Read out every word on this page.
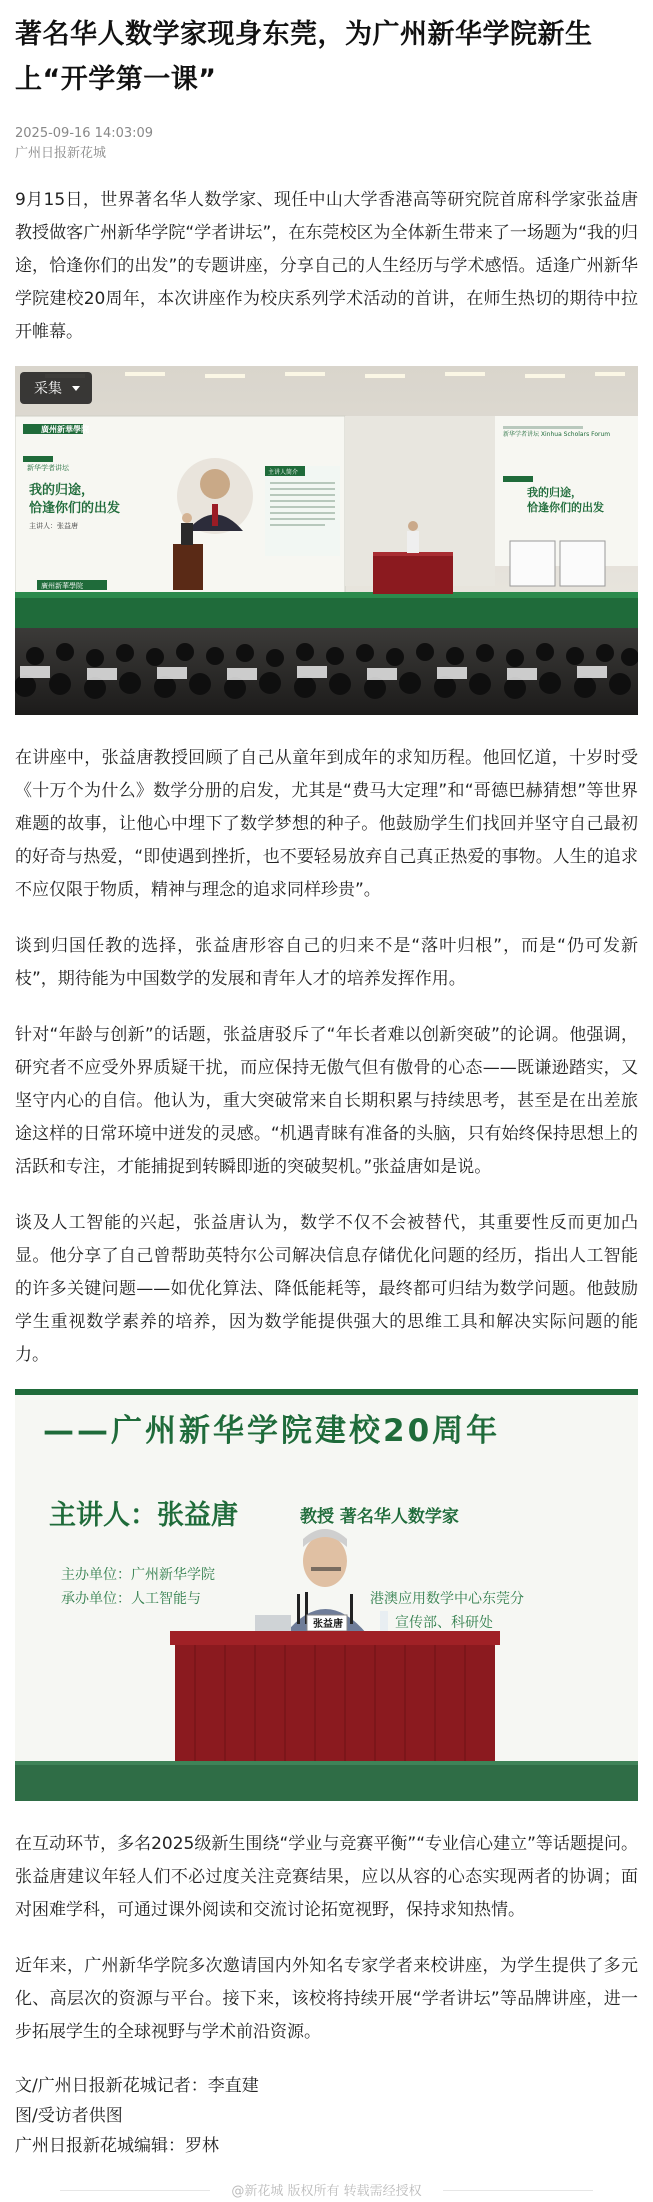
著名华人数学家现身东莞，为广州新华学院新生上“开学第一课”
2025-09-16 14:03:09
广州日报新花城

9月15日，世界著名华人数学家、现任中山大学香港高等研究院首席科学家张益唐教授做客广州新华学院“学者讲坛”，在东莞校区为全体新生带来了一场题为“我的归途，恰逢你们的出发”的专题讲座，分享自己的人生经历与学术感悟。适逢广州新华学院建校20周年，本次讲座作为校庆系列学术活动的首讲，在师生热切的期待中拉开帷幕。

廣州新華學院
新华学者讲坛
我的归途，
恰逢你们的出发
主讲人：张益唐
主讲人简介
新华学者讲坛 Xinhua Scholars Forum
我的归途，
恰逢你们的出发
廣州新華學院
采集

在讲座中，张益唐教授回顾了自己从童年到成年的求知历程。他回忆道，十岁时受《十万个为什么》数学分册的启发，尤其是“费马大定理”和“哥德巴赫猜想”等世界难题的故事，让他心中埋下了数学梦想的种子。他鼓励学生们找回并坚守自己最初的好奇与热爱，“即使遇到挫折，也不要轻易放弃自己真正热爱的事物。人生的追求不应仅限于物质，精神与理念的追求同样珍贵”。

谈到归国任教的选择，张益唐形容自己的归来不是“落叶归根”，而是“仍可发新枝”，期待能为中国数学的发展和青年人才的培养发挥作用。

针对“年龄与创新”的话题，张益唐驳斥了“年长者难以创新突破”的论调。他强调，研究者不应受外界质疑干扰，而应保持无傲气但有傲骨的心态——既谦逊踏实，又坚守内心的自信。他认为，重大突破常来自长期积累与持续思考，甚至是在出差旅途这样的日常环境中迸发的灵感。“机遇青睐有准备的头脑，只有始终保持思想上的活跃和专注，才能捕捉到转瞬即逝的突破契机。”张益唐如是说。

谈及人工智能的兴起，张益唐认为，数学不仅不会被替代，其重要性反而更加凸显。他分享了自己曾帮助英特尔公司解决信息存储优化问题的经历，指出人工智能的许多关键问题——如优化算法、降低能耗等，最终都可归结为数学问题。他鼓励学生重视数学素养的培养，因为数学能提供强大的思维工具和解决实际问题的能力。

——广州新华学院建校20周年
主讲人：张益唐	教授 著名华人数学家
主办单位：广州新华学院
承办单位：人工智能与	港澳应用数学中心东莞分
宣传部、科研处
张益唐

在互动环节，多名2025级新生围绕“学业与竞赛平衡”“专业信心建立”等话题提问。张益唐建议年轻人们不必过度关注竞赛结果，应以从容的心态实现两者的协调；面对困难学科，可通过课外阅读和交流讨论拓宽视野，保持求知热情。

近年来，广州新华学院多次邀请国内外知名专家学者来校讲座，为学生提供了多元化、高层次的资源与平台。接下来，该校将持续开展“学者讲坛”等品牌讲座，进一步拓展学生的全球视野与学术前沿资源。

文/广州日报新花城记者：李直建
图/受访者供图
广州日报新花城编辑：罗林
@新花城 版权所有 转载需经授权
